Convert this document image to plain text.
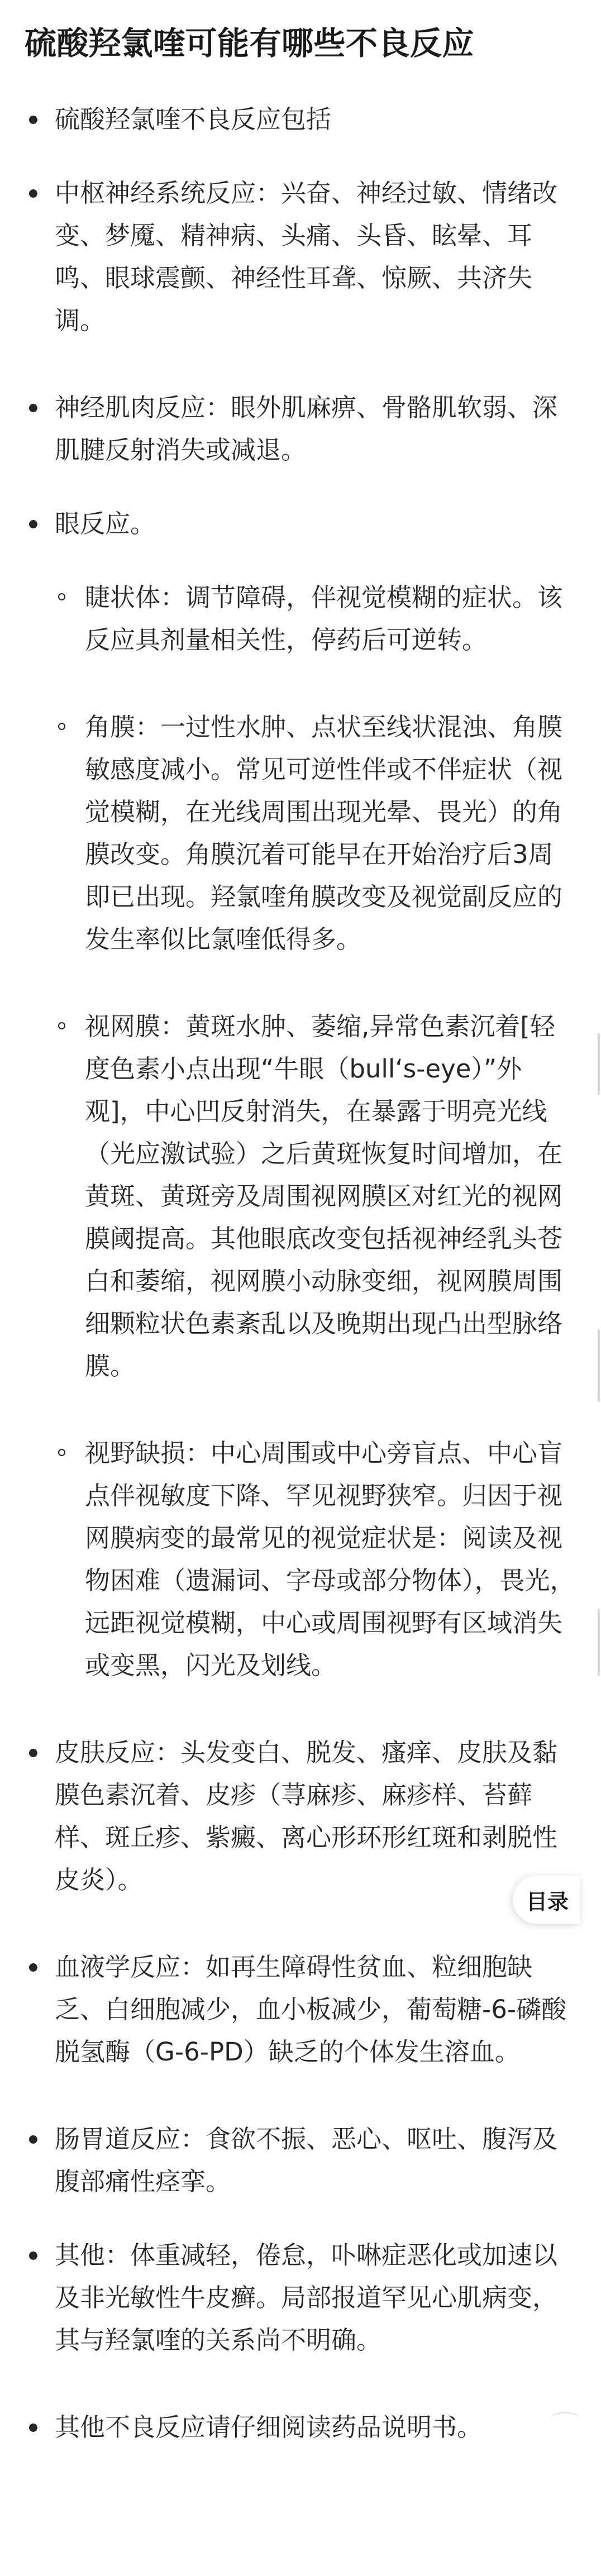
硫酸羟氯喹可能有哪些不良反应
硫酸羟氯喹不良反应包括
中枢神经系统反应：兴奋、神经过敏、情绪改变、梦魇、精神病、头痛、头昏、眩晕、耳鸣、眼球震颤、神经性耳聋、惊厥、共济失调。
神经肌肉反应：眼外肌麻痹、骨骼肌软弱、深肌腱反射消失或减退。
眼反应。
睫状体：调节障碍，伴视觉模糊的症状。该反应具剂量相关性，停药后可逆转。
角膜：一过性水肿、点状至线状混浊、角膜敏感度减小。常见可逆性伴或不伴症状（视觉模糊，在光线周围出现光晕、畏光）的角膜改变。角膜沉着可能早在开始治疗后3周即已出现。羟氯喹角膜改变及视觉副反应的发生率似比氯喹低得多。
视网膜：黄斑水肿、萎缩,异常色素沉着[轻度色素小点出现“牛眼（bull‘s-eye）”外观]，中心凹反射消失，在暴露于明亮光线（光应激试验）之后黄斑恢复时间增加，在黄斑、黄斑旁及周围视网膜区对红光的视网膜阈提高。其他眼底改变包括视神经乳头苍白和萎缩，视网膜小动脉变细，视网膜周围细颗粒状色素紊乱以及晚期出现凸出型脉络膜。
视野缺损：中心周围或中心旁盲点、中心盲点伴视敏度下降、罕见视野狭窄。归因于视网膜病变的最常见的视觉症状是：阅读及视物困难（遗漏词、字母或部分物体），畏光，远距视觉模糊，中心或周围视野有区域消失或变黑，闪光及划线。
皮肤反应：头发变白、脱发、瘙痒、皮肤及黏膜色素沉着、皮疹（荨麻疹、麻疹样、苔藓样、斑丘疹、紫癜、离心形环形红斑和剥脱性皮炎）。
血液学反应：如再生障碍性贫血、粒细胞缺乏、白细胞减少，血小板减少，葡萄糖-6-磷酸脱氢酶（G-6-PD）缺乏的个体发生溶血。
肠胃道反应：食欲不振、恶心、呕吐、腹泻及腹部痛性痉挛。
其他：体重减轻，倦怠，卟啉症恶化或加速以及非光敏性牛皮癣。局部报道罕见心肌病变，其与羟氯喹的关系尚不明确。
其他不良反应请仔细阅读药品说明书。
目录
